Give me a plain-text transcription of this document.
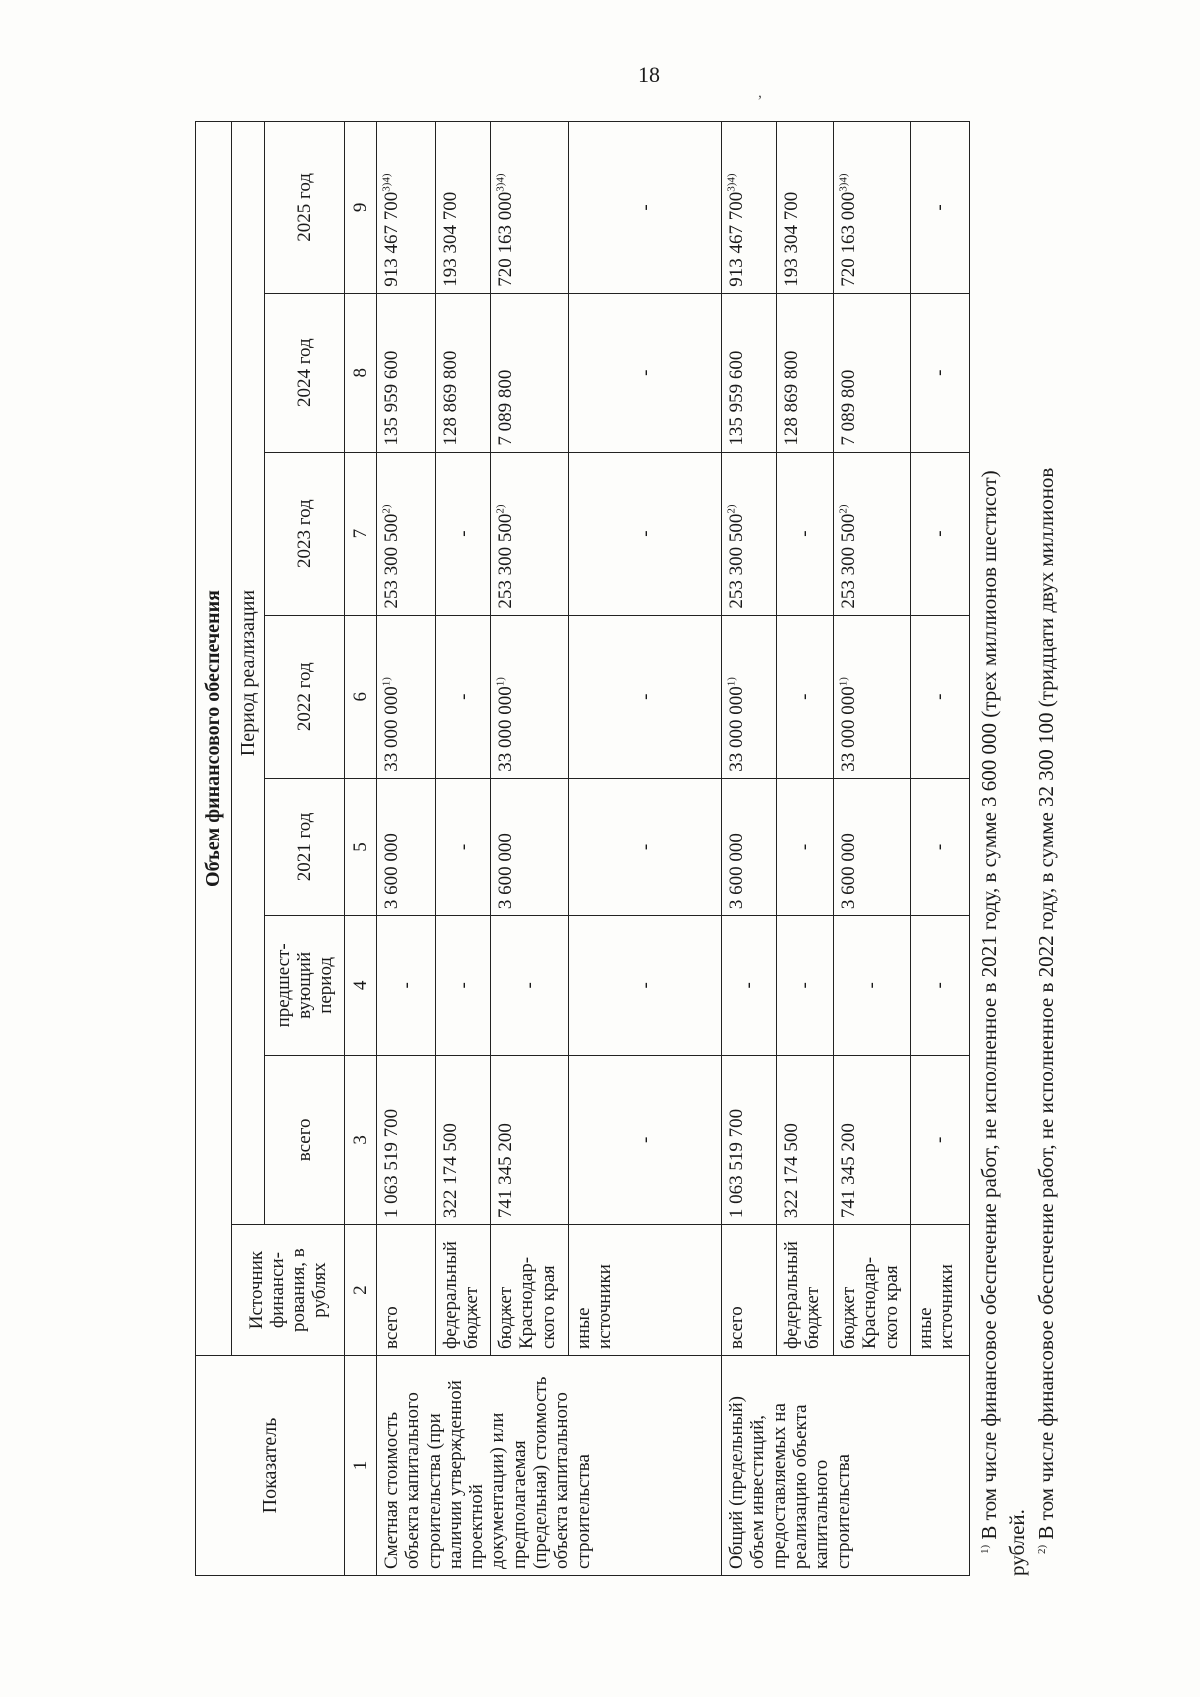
18
,
Показатель	Объем финансового обеспечения							
	Источник финанси-рования, в рублях	Период реализации						
		всего	предшест-вующий период	2021 год	2022 год	2023 год	2024 год	2025 год
1	2	3	4	5	6	7	8	9
Сметная стоимость объекта капитального строительства (при наличии утвержденной проектной документации) или предполагаемая (предельная) стоимость объекта капитального строительства	всего	1 063 519 700	-	3 600 000	33 000 000$^{1)}$	253 300 500$^{2)}$	135 959 600	913 467 $700^{3)4)}$
	федеральный бюджет	322 174 500	-	-	-	-	128 869 800	193 304 700
	бюджет Краснодар-ского края	741 345 200	-	3 600 000	33 000 000$^{1)}$	253 300 500$^{2)}$	7 089 800	720 163 $000^{3)4)}$
	иные источники	-	-	-	-	-	-	-
Общий (предельный) объем инвестиций, предоставляемых на реализацию объекта капитального строительства	всего	1 063 519 700	-	3 600 000	33 000 000$^{1)}$	253 300 500$^{2)}$	135 959 600	913 467 $700^{3)4)}$
	федеральный бюджет	322 174 500	-	-	-	-	128 869 800	193 304 700
	бюджет Краснодар-ского края	741 345 200	-	3 600 000	33 000 000$^{1)}$	253 300 500$^{2)}$	7 089 800	720 163 $000^{3)4)}$
	иные источники	-	-	-	-	-	-	-

$^{1)}$ В том числе финансовое обеспечение работ, не исполненное в 2021 году, в сумме 3 600 000 (трех миллионов шестисот)

рублей. $^{2)}$ В том числе финансовое обеспечение работ, не исполненное в 2022 году, в сумме 32 300 100 (тридцати двух миллионов
